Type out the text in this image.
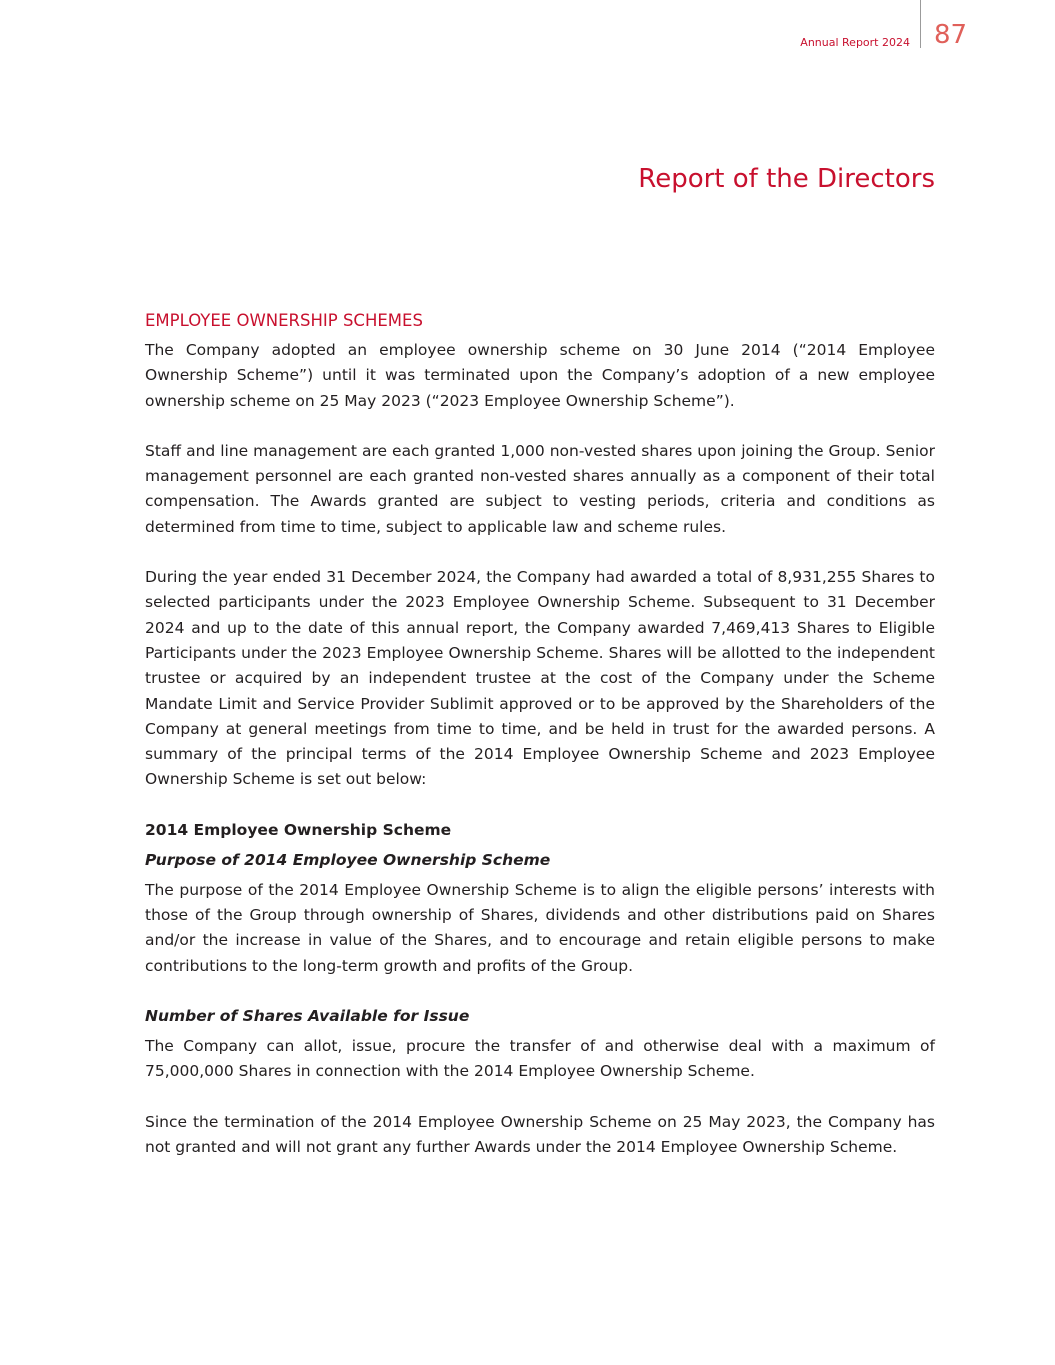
Annual Report 2024 87
Report of the Directors
EMPLOYEE OWNERSHIP SCHEMES

The Company adopted an employee ownership scheme on 30 June 2014 (“2014 Employee Ownership Scheme”) until it was terminated upon the Company’s adoption of a new employee ownership scheme on 25 May 2023 (“2023 Employee Ownership Scheme”).

Staff and line management are each granted 1,000 non-vested shares upon joining the Group. Senior management personnel are each granted non-vested shares annually as a component of their total compensation. The Awards granted are subject to vesting periods, criteria and conditions as determined from time to time, subject to applicable law and scheme rules.

During the year ended 31 December 2024, the Company had awarded a total of 8,931,255 Shares to selected participants under the 2023 Employee Ownership Scheme. Subsequent to 31 December 2024 and up to the date of this annual report, the Company awarded 7,469,413 Shares to Eligible Participants under the 2023 Employee Ownership Scheme. Shares will be allotted to the independent trustee or acquired by an independent trustee at the cost of the Company under the Scheme Mandate Limit and Service Provider Sublimit approved or to be approved by the Shareholders of the Company at general meetings from time to time, and be held in trust for the awarded persons. A summary of the principal terms of the 2014 Employee Ownership Scheme and 2023 Employee Ownership Scheme is set out below:

2014 Employee Ownership Scheme
Purpose of 2014 Employee Ownership Scheme

The purpose of the 2014 Employee Ownership Scheme is to align the eligible persons’ interests with those of the Group through ownership of Shares, dividends and other distributions paid on Shares and/or the increase in value of the Shares, and to encourage and retain eligible persons to make contributions to the long-term growth and profits of the Group.

Number of Shares Available for Issue

The Company can allot, issue, procure the transfer of and otherwise deal with a maximum of 75,000,000 Shares in connection with the 2014 Employee Ownership Scheme.

Since the termination of the 2014 Employee Ownership Scheme on 25 May 2023, the Company has not granted and will not grant any further Awards under the 2014 Employee Ownership Scheme.
